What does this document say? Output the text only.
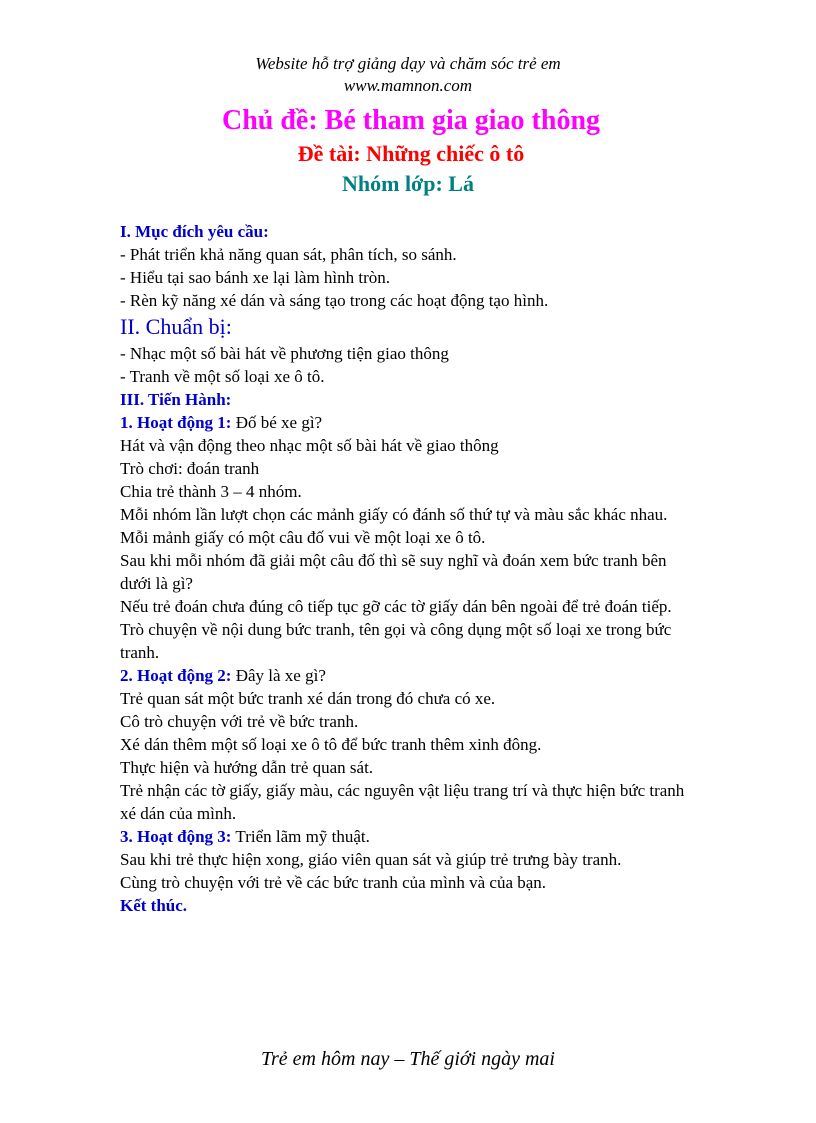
Website hỗ trợ giảng dạy và chăm sóc trẻ em
www.mamnon.com
Chủ đề: Bé tham gia giao thông
Đề tài: Những chiếc ô tô
Nhóm lớp: Lá

I. Mục đích yêu cầu:

- Phát triển khả năng quan sát, phân tích, so sánh.

- Hiểu tại sao bánh xe lại làm hình tròn.

- Rèn kỹ năng xé dán và sáng tạo trong các hoạt động tạo hình.

II. Chuẩn bị:

- Nhạc một số bài hát về phương tiện giao thông

- Tranh về một số loại xe ô tô.

III. Tiến Hành:

1. Hoạt động 1: Đố bé xe gì?

Hát và vận động theo nhạc một số bài hát về giao thông

Trò chơi: đoán tranh

Chia trẻ thành 3 – 4 nhóm.

Mỗi nhóm lần lượt chọn các mảnh giấy có đánh số thứ tự và màu sắc khác nhau. Mỗi mảnh giấy có một câu đố vui về một loại xe ô tô.

Sau khi mỗi nhóm đã giải một câu đố thì sẽ suy nghĩ và đoán xem bức tranh bên dưới là gì?

Nếu trẻ đoán chưa đúng cô tiếp tục gỡ các tờ giấy dán bên ngoài để trẻ đoán tiếp.

Trò chuyện về nội dung bức tranh, tên gọi và công dụng một số loại xe trong bức tranh.

2. Hoạt động 2: Đây là xe gì?

Trẻ quan sát một bức tranh xé dán trong đó chưa có xe.

Cô trò chuyện với trẻ về bức tranh.

Xé dán thêm một số loại xe ô tô để bức tranh thêm xinh đông.

Thực hiện và hướng dẫn trẻ quan sát.

Trẻ nhận các tờ giấy, giấy màu, các nguyên vật liệu trang trí và thực hiện bức tranh xé dán của mình.

3. Hoạt động 3: Triển lãm mỹ thuật.

Sau khi trẻ thực hiện xong, giáo viên quan sát và giúp trẻ trưng bày tranh.

Cùng trò chuyện với trẻ về các bức tranh của mình và của bạn.

Kết thúc.

Trẻ em hôm nay – Thế giới ngày mai
